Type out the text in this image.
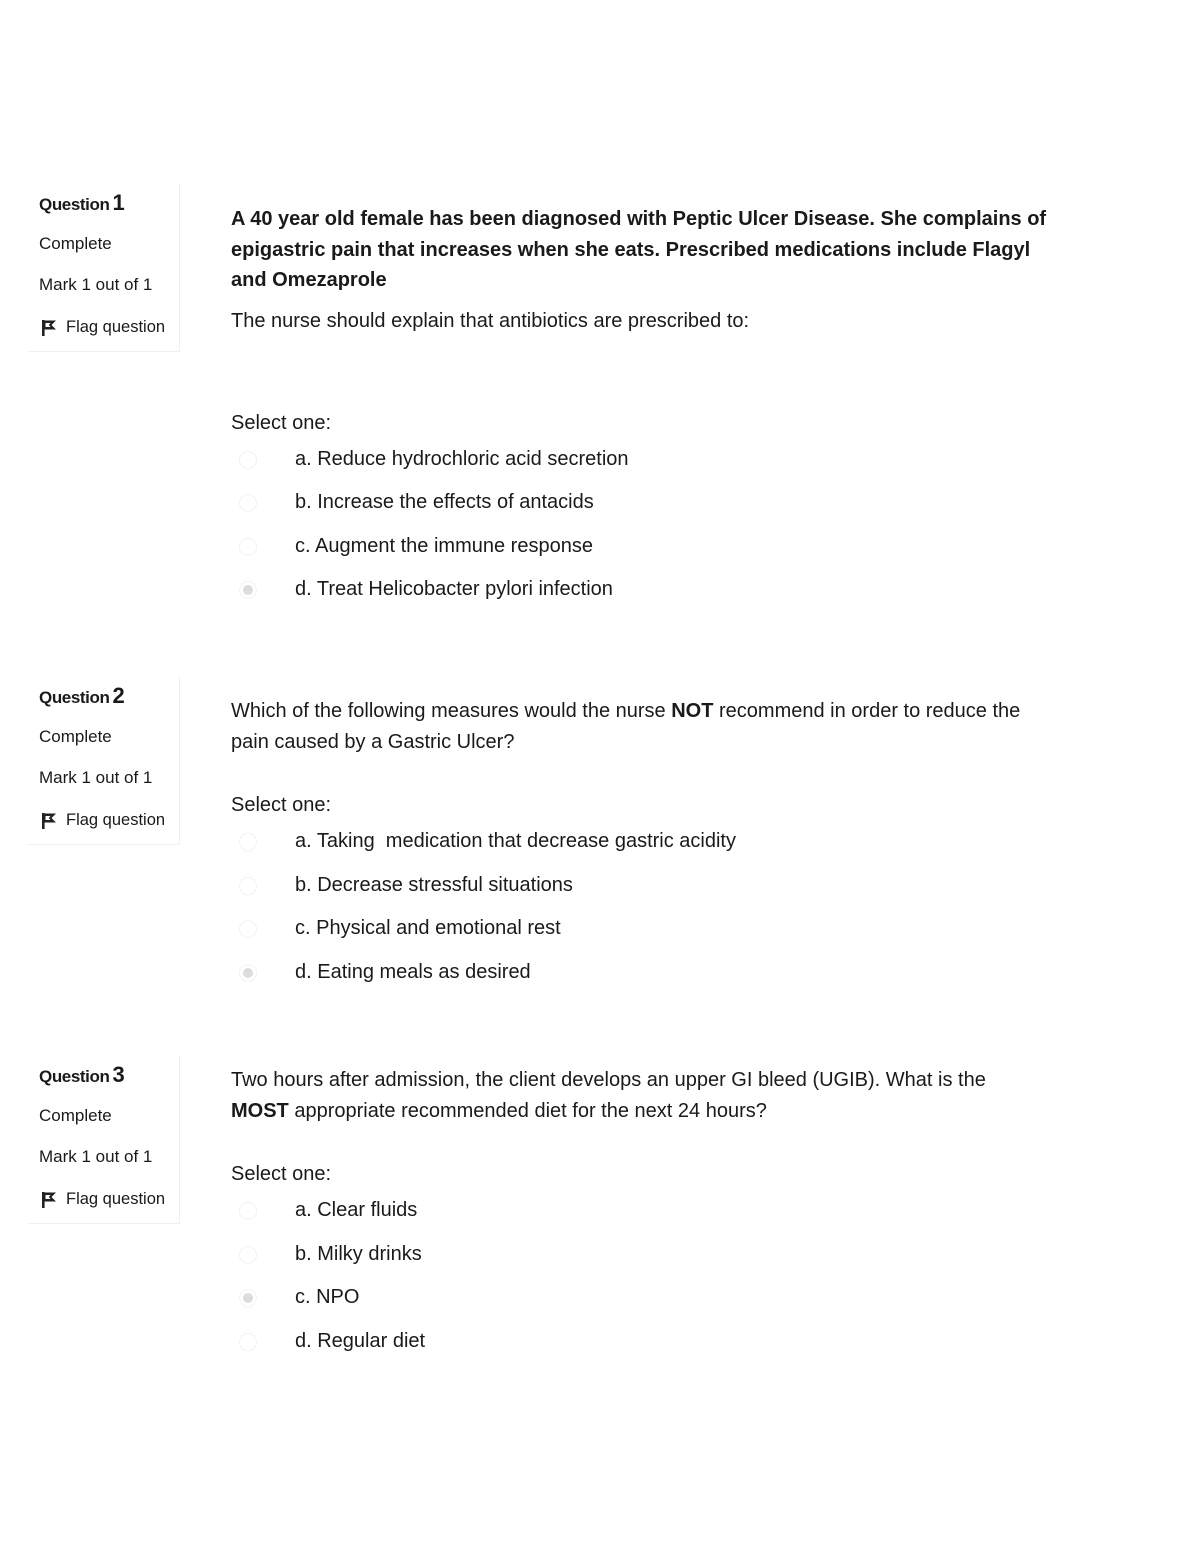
Question 1
Complete
Mark 1 out of 1
Flag question

A 40 year old female has been diagnosed with Peptic Ulcer Disease. She complains of epigastric pain that increases when she eats. Prescribed medications include Flagyl and Omezaprole

The nurse should explain that antibiotics are prescribed to:

Select one:
a. Reduce hydrochloric acid secretion
b. Increase the effects of antacids
c. Augment the immune response
d. Treat Helicobacter pylori infection
Question 2
Complete
Mark 1 out of 1
Flag question

Which of the following measures would the nurse NOT recommend in order to reduce the pain caused by a Gastric Ulcer?

Select one:
a. Taking  medication that decrease gastric acidity
b. Decrease stressful situations
c. Physical and emotional rest
d. Eating meals as desired
Question 3
Complete
Mark 1 out of 1
Flag question

Two hours after admission, the client develops an upper GI bleed (UGIB). What is the MOST appropriate recommended diet for the next 24 hours?

Select one:
a. Clear fluids
b. Milky drinks
c. NPO
d. Regular diet
